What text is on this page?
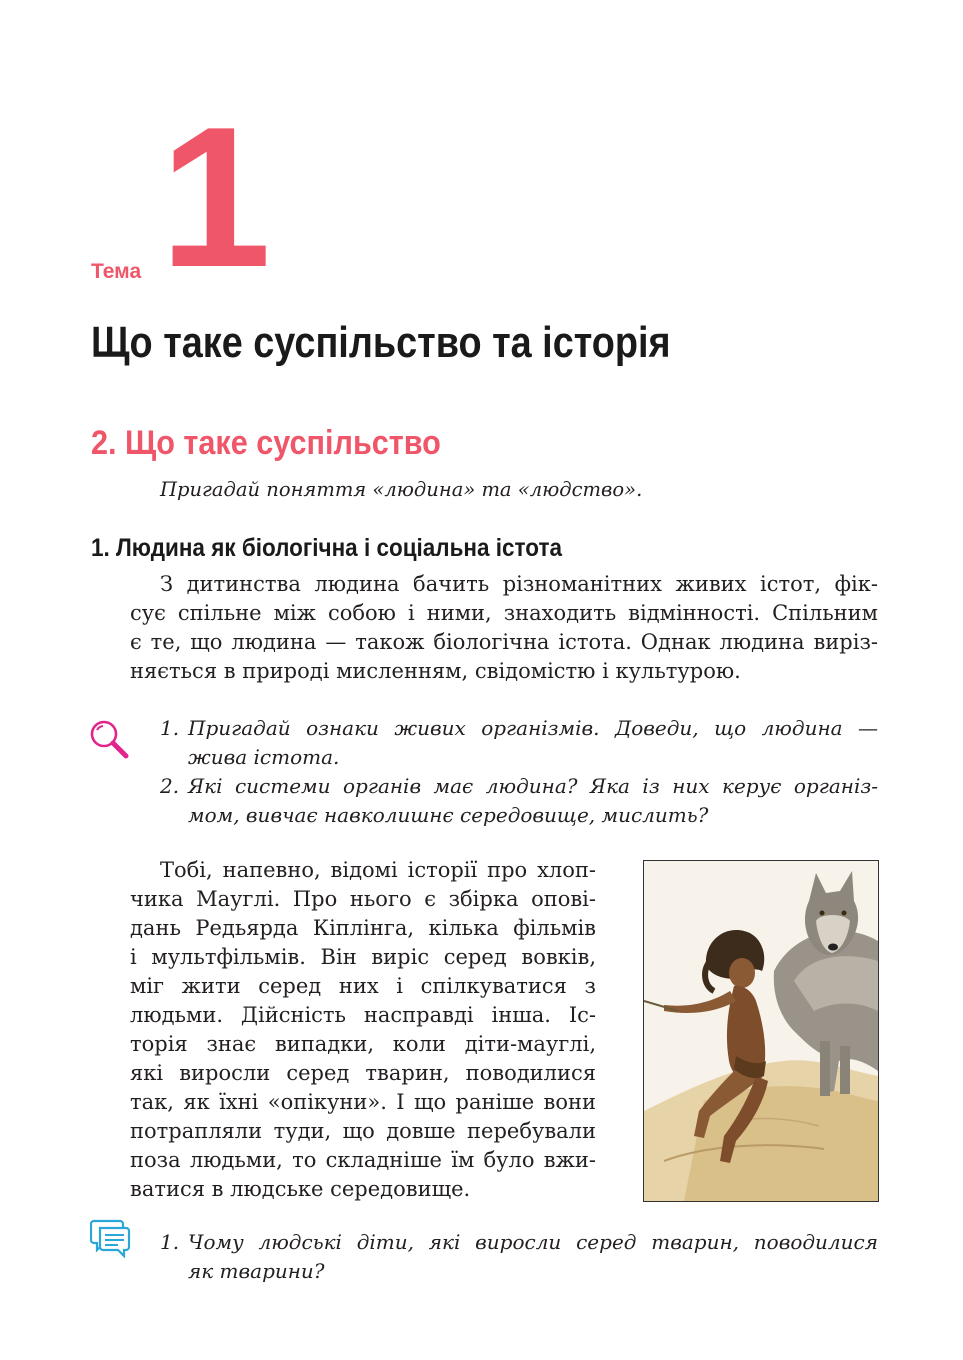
Тема 1
Що таке суспільство та історія
2. Що таке суспільство
Пригадай поняття «людина» та «людство».
1. Людина як біологічна і соціальна істота
З дитинства людина бачить різноманітних живих істот, фік-
сує спільне між собою і ними, знаходить відмінності. Спільним
є те, що людина — також біологічна істота. Однак людина виріз-
няється в природі мисленням, свідомістю і культурою.
1. Пригадай ознаки живих організмів. Доведи, що людина —
жива істота.
2. Які системи органів має людина? Яка із них керує організ-
мом, вивчає навколишнє середовище, мислить?
Тобі, напевно, відомі історії про хлоп-
чика Мауглі. Про нього є збірка опові-
дань Редьярда Кіплінга, кілька фільмів
і мультфільмів. Він виріс серед вовків,
міг жити серед них і спілкуватися з
людьми. Дійсність насправді інша. Іс-
торія знає випадки, коли діти-мауглі,
які виросли серед тварин, поводилися
так, як їхні «опікуни». І що раніше вони
потрапляли туди, що довше перебували
поза людьми, то складніше їм було вжи-
ватися в людське середовище.
1. Чому людські діти, які виросли серед тварин, поводилися
як тварини?
